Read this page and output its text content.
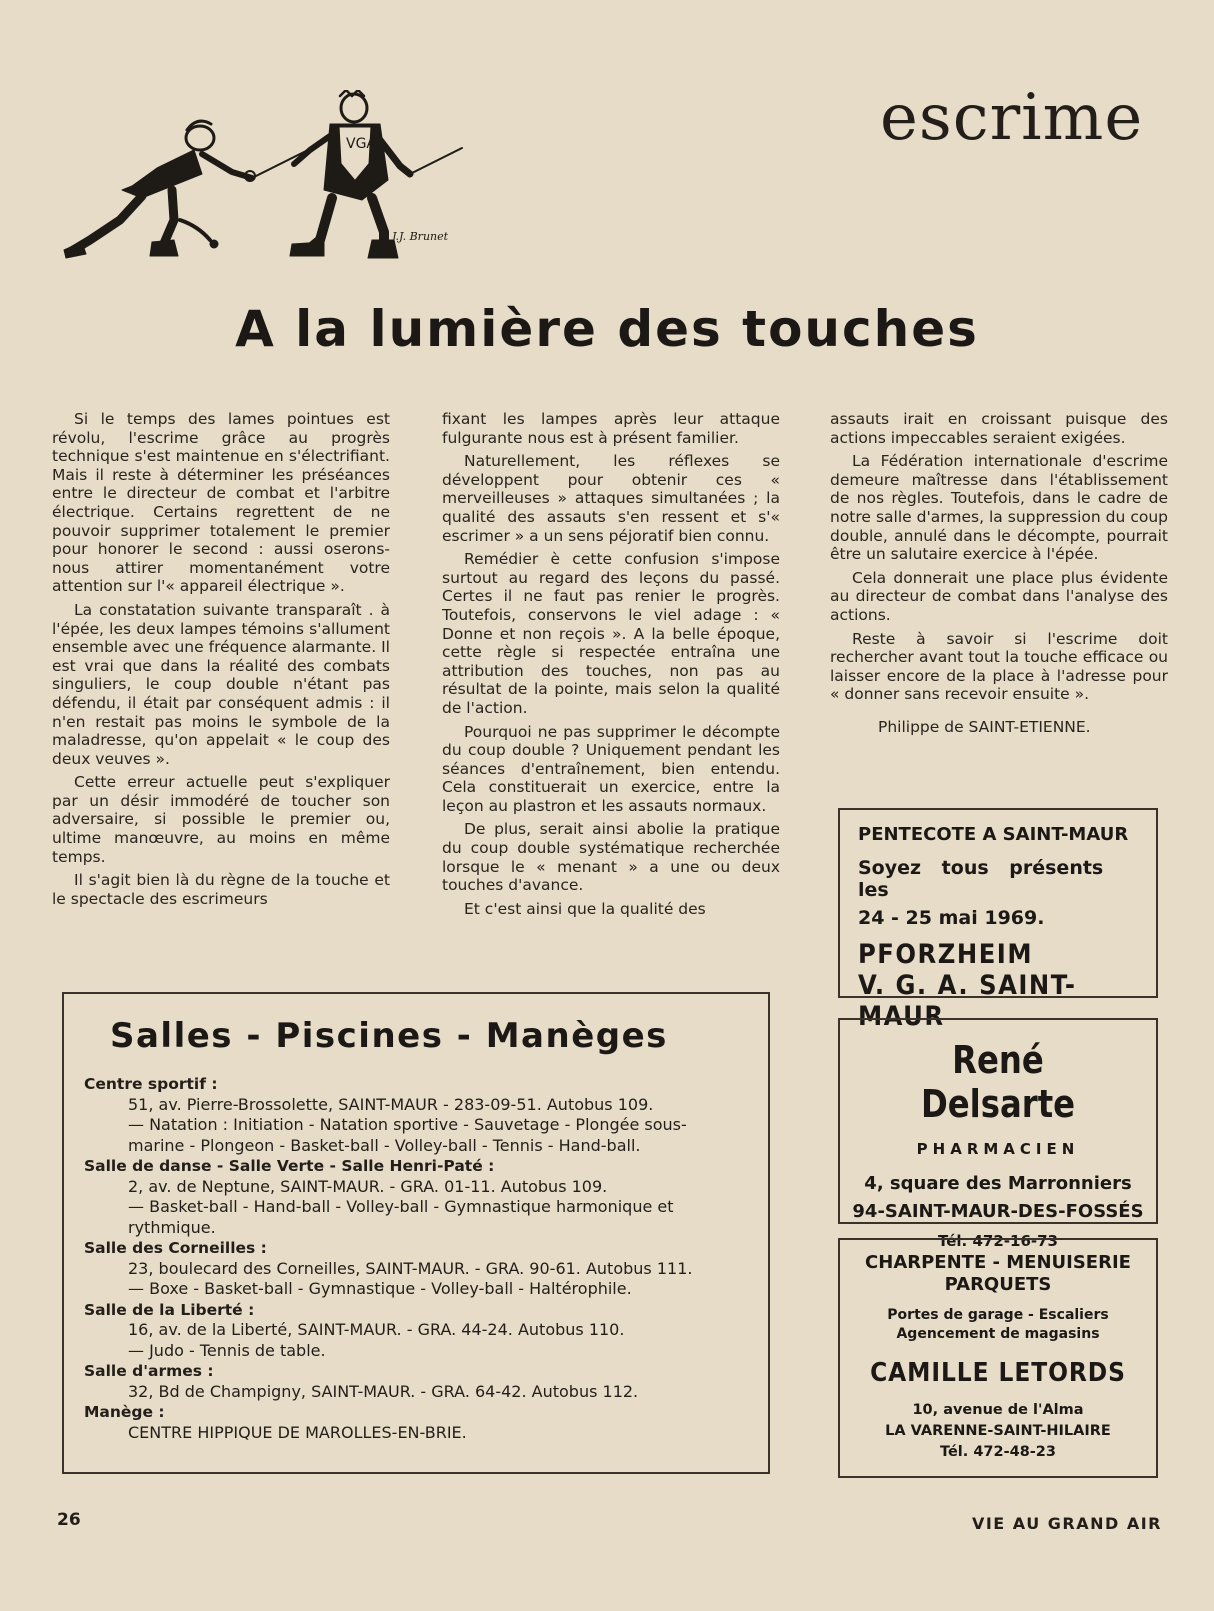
escrime
VGA
J.J. Brunet
A la lumière des touches

Si le temps des lames pointues est révolu, l'escrime grâce au progrès technique s'est maintenue en s'électrifiant. Mais il reste à déterminer les préséances entre le directeur de combat et l'arbitre électrique. Certains regrettent de ne pouvoir supprimer totalement le premier pour honorer le second : aussi oserons-nous attirer momentanément votre attention sur l'« appareil électrique ».

La constatation suivante transparaît . à l'épée, les deux lampes témoins s'allument ensemble avec une fréquence alarmante. Il est vrai que dans la réalité des combats singuliers, le coup double n'étant pas défendu, il était par conséquent admis : il n'en restait pas moins le symbole de la maladresse, qu'on appelait « le coup des deux veuves ».

Cette erreur actuelle peut s'expliquer par un désir immodéré de toucher son adversaire, si possible le premier ou, ultime manœuvre, au moins en même temps.

Il s'agit bien là du règne de la touche et le spectacle des escrimeurs

fixant les lampes après leur attaque fulgurante nous est à présent familier.

Naturellement, les réflexes se développent pour obtenir ces « merveilleuses » attaques simultanées ; la qualité des assauts s'en ressent et s'« escrimer » a un sens péjoratif bien connu.

Remédier è cette confusion s'impose surtout au regard des leçons du passé. Certes il ne faut pas renier le progrès. Toutefois, conservons le viel adage : « Donne et non reçois ». A la belle époque, cette règle si respectée entraîna une attribution des touches, non pas au résultat de la pointe, mais selon la qualité de l'action.

Pourquoi ne pas supprimer le décompte du coup double ? Uniquement pendant les séances d'entraînement, bien entendu. Cela constituerait un exercice, entre la leçon au plastron et les assauts normaux.

De plus, serait ainsi abolie la pratique du coup double systématique recherchée lorsque le « menant » a une ou deux touches d'avance.

Et c'est ainsi que la qualité des

assauts irait en croissant puisque des actions impeccables seraient exigées.

La Fédération internationale d'escrime demeure maîtresse dans l'établissement de nos règles. Toutefois, dans le cadre de notre salle d'armes, la suppression du coup double, annulé dans le décompte, pourrait être un salutaire exercice à l'épée.

Cela donnerait une place plus évidente au directeur de combat dans l'analyse des actions.

Reste à savoir si l'escrime doit rechercher avant tout la touche efficace ou laisser encore de la place à l'adresse pour « donner sans recevoir ensuite ».

Philippe de SAINT-ETIENNE.

Salles - Piscines - Manèges

Centre sportif :

51, av. Pierre-Brossolette, SAINT-MAUR - 283-09-51. Autobus 109.

— Natation : Initiation - Natation sportive - Sauvetage - Plongée sous-

marine - Plongeon - Basket-ball - Volley-ball - Tennis - Hand-ball.

Salle de danse - Salle Verte - Salle Henri-Paté :

2, av. de Neptune, SAINT-MAUR. - GRA. 01-11. Autobus 109.

— Basket-ball - Hand-ball - Volley-ball - Gymnastique harmonique et

rythmique.

Salle des Corneilles :

23, boulecard des Corneilles, SAINT-MAUR. - GRA. 90-61. Autobus 111.

— Boxe - Basket-ball - Gymnastique - Volley-ball - Haltérophile.

Salle de la Liberté :

16, av. de la Liberté, SAINT-MAUR. - GRA. 44-24. Autobus 110.

— Judo - Tennis de table.

Salle d'armes :

32, Bd de Champigny, SAINT-MAUR. - GRA. 64-42. Autobus 112.

Manège :

CENTRE HIPPIQUE DE MAROLLES-EN-BRIE.

PENTECOTE A SAINT-MAUR
Soyez tous présents les
24 - 25 mai 1969.
PFORZHEIM
V. G. A. SAINT-MAUR
René Delsarte
PHARMACIEN
4, square des Marronniers
94-SAINT-MAUR-DES-FOSSÉS
Tél. 472-16-73
CHARPENTE - MENUISERIE
PARQUETS
Portes de garage - Escaliers
Agencement de magasins
CAMILLE LETORDS
10, avenue de l'Alma
LA VARENNE-SAINT-HILAIRE
Tél. 472-48-23
26	VIE AU GRAND AIR
